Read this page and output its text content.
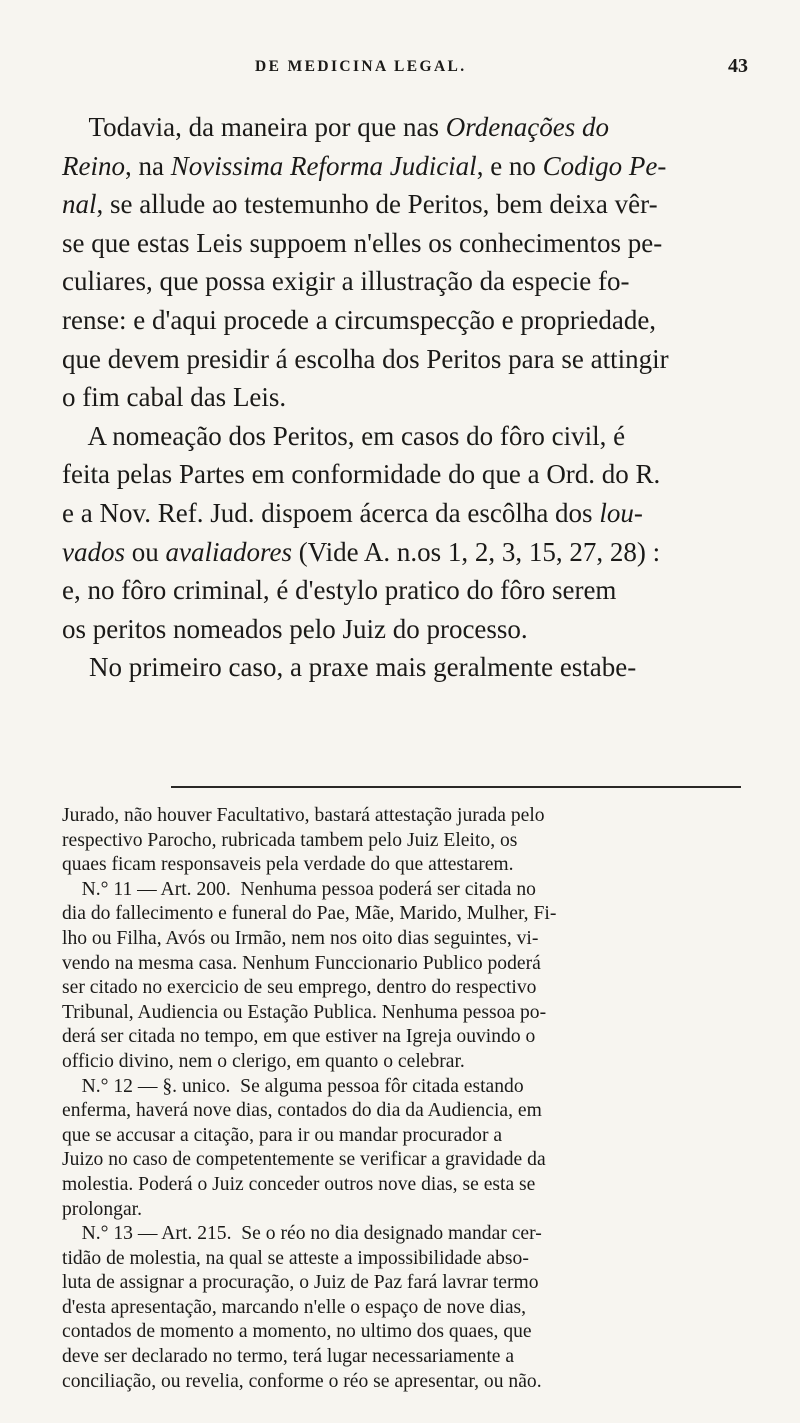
DE MEDICINA LEGAL.	43
Todavia, da maneira por que nas Ordenações do
Reino, na Novissima Reforma Judicial, e no Codigo Pe-
nal, se allude ao testemunho de Peritos, bem deixa vêr-
se que estas Leis suppoem n'elles os conhecimentos pe-
culiares, que possa exigir a illustração da especie fo-
rense: e d'aqui procede a circumspecção e propriedade,
que devem presidir á escolha dos Peritos para se attingir
o fim cabal das Leis.
A nomeação dos Peritos, em casos do fôro civil, é
feita pelas Partes em conformidade do que a Ord. do R.
e a Nov. Ref. Jud. dispoem ácerca da escôlha dos lou-
vados ou avaliadores (Vide A. n.os 1, 2, 3, 15, 27, 28) :
e, no fôro criminal, é d'estylo pratico do fôro serem
os peritos nomeados pelo Juiz do processo.
No primeiro caso, a praxe mais geralmente estabe-
Jurado, não houver Facultativo, bastará attestação jurada pelo
respectivo Parocho, rubricada tambem pelo Juiz Eleito, os
quaes ficam responsaveis pela verdade do que attestarem.
N.° 11 — Art. 200.  Nenhuma pessoa poderá ser citada no
dia do fallecimento e funeral do Pae, Mãe, Marido, Mulher, Fi-
lho ou Filha, Avós ou Irmão, nem nos oito dias seguintes, vi-
vendo na mesma casa. Nenhum Funccionario Publico poderá
ser citado no exercicio de seu emprego, dentro do respectivo
Tribunal, Audiencia ou Estação Publica. Nenhuma pessoa po-
derá ser citada no tempo, em que estiver na Igreja ouvindo o
officio divino, nem o clerigo, em quanto o celebrar.
N.° 12 — §. unico.  Se alguma pessoa fôr citada estando
enferma, haverá nove dias, contados do dia da Audiencia, em
que se accusar a citação, para ir ou mandar procurador a
Juizo no caso de competentemente se verificar a gravidade da
molestia. Poderá o Juiz conceder outros nove dias, se esta se
prolongar.
N.° 13 — Art. 215.  Se o réo no dia designado mandar cer-
tidão de molestia, na qual se atteste a impossibilidade abso-
luta de assignar a procuração, o Juiz de Paz fará lavrar termo
d'esta apresentação, marcando n'elle o espaço de nove dias,
contados de momento a momento, no ultimo dos quaes, que
deve ser declarado no termo, terá lugar necessariamente a
conciliação, ou revelia, conforme o réo se apresentar, ou não.
